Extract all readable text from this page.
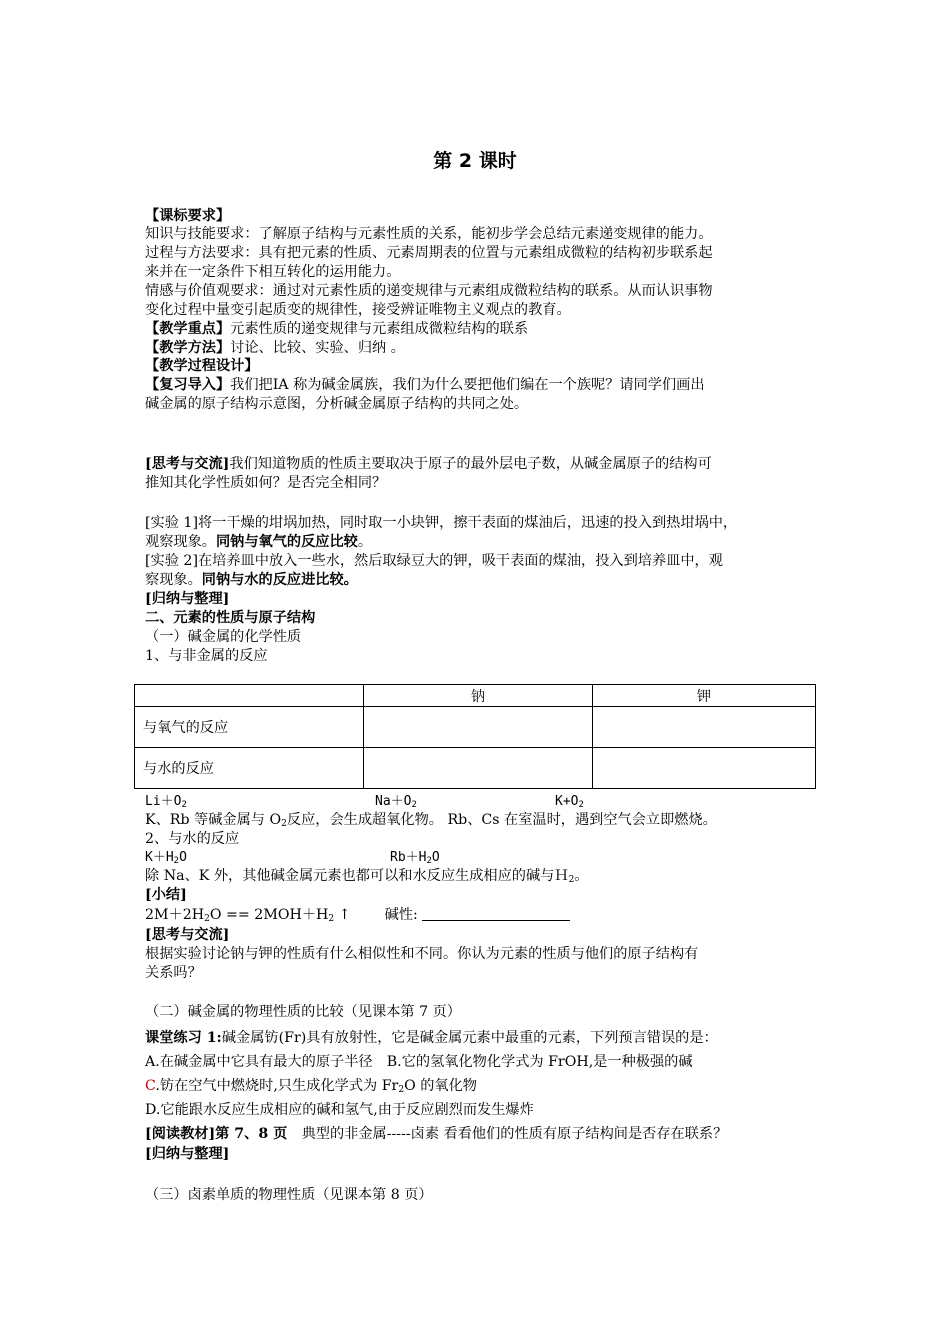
第 2 课时
【课标要求】
知识与技能要求：了解原子结构与元素性质的关系，能初步学会总结元素递变规律的能力。
过程与方法要求：具有把元素的性质、元素周期表的位置与元素组成微粒的结构初步联系起
来并在一定条件下相互转化的运用能力。
情感与价值观要求：通过对元素性质的递变规律与元素组成微粒结构的联系。从而认识事物
变化过程中量变引起质变的规律性，接受辨证唯物主义观点的教育。
【教学重点】元素性质的递变规律与元素组成微粒结构的联系
【教学方法】讨论、比较、实验、归纳 。
【教学过程设计】
【复习导入】我们把ⅠA 称为碱金属族，我们为什么要把他们编在一个族呢？请同学们画出
碱金属的原子结构示意图，分析碱金属原子结构的共同之处。
[思考与交流]我们知道物质的性质主要取决于原子的最外层电子数，从碱金属原子的结构可
推知其化学性质如何？是否完全相同？
[实验 1]将一干燥的坩埚加热，同时取一小块钾，擦干表面的煤油后，迅速的投入到热坩埚中，
观察现象。同钠与氧气的反应比较。
[实验 2]在培养皿中放入一些水，然后取绿豆大的钾，吸干表面的煤油，投入到培养皿中，观
察现象。同钠与水的反应进比较。
[归纳与整理]
二、元素的性质与原子结构
（一）碱金属的化学性质
1、与非金属的反应
	钠	钾
与氧气的反应		
与水的反应		
$Li+O_2$	$Na+O_2$	$K+O_2$
K、Rb 等碱金属与 $O_2$反应，会生成超氧化物。 Rb、Cs 在室温时，遇到空气会立即燃烧。
2、与水的反应
$K+H_2O$	$Rb+H_2O$
除 Na、K 外，其他碱金属元素也都可以和水反应生成相应的碱与Ｈ$_2$。
[小结]
$2M+2H_2O == 2MOH+H_2$ ↑ 碱性:
[思考与交流]
根据实验讨论钠与钾的性质有什么相似性和不同。你认为元素的性质与他们的原子结构有
关系吗？
（二）碱金属的物理性质的比较（见课本第 7 页）
课堂练习 1:碱金属钫(Fr)具有放射性，它是碱金属元素中最重的元素，下列预言错误的是：
A.在碱金属中它具有最大的原子半径　B.它的氢氧化物化学式为 FrOH,是一种极强的碱
C.钫在空气中燃烧时,只生成化学式为 $Fr_2O$ 的氧化物
D.它能跟水反应生成相应的碱和氢气,由于反应剧烈而发生爆炸
[阅读教材]第 7、8 页　典型的非金属-----卤素 看看他们的性质有原子结构间是否存在联系？
[归纳与整理]
（三）卤素单质的物理性质（见课本第 8 页）
